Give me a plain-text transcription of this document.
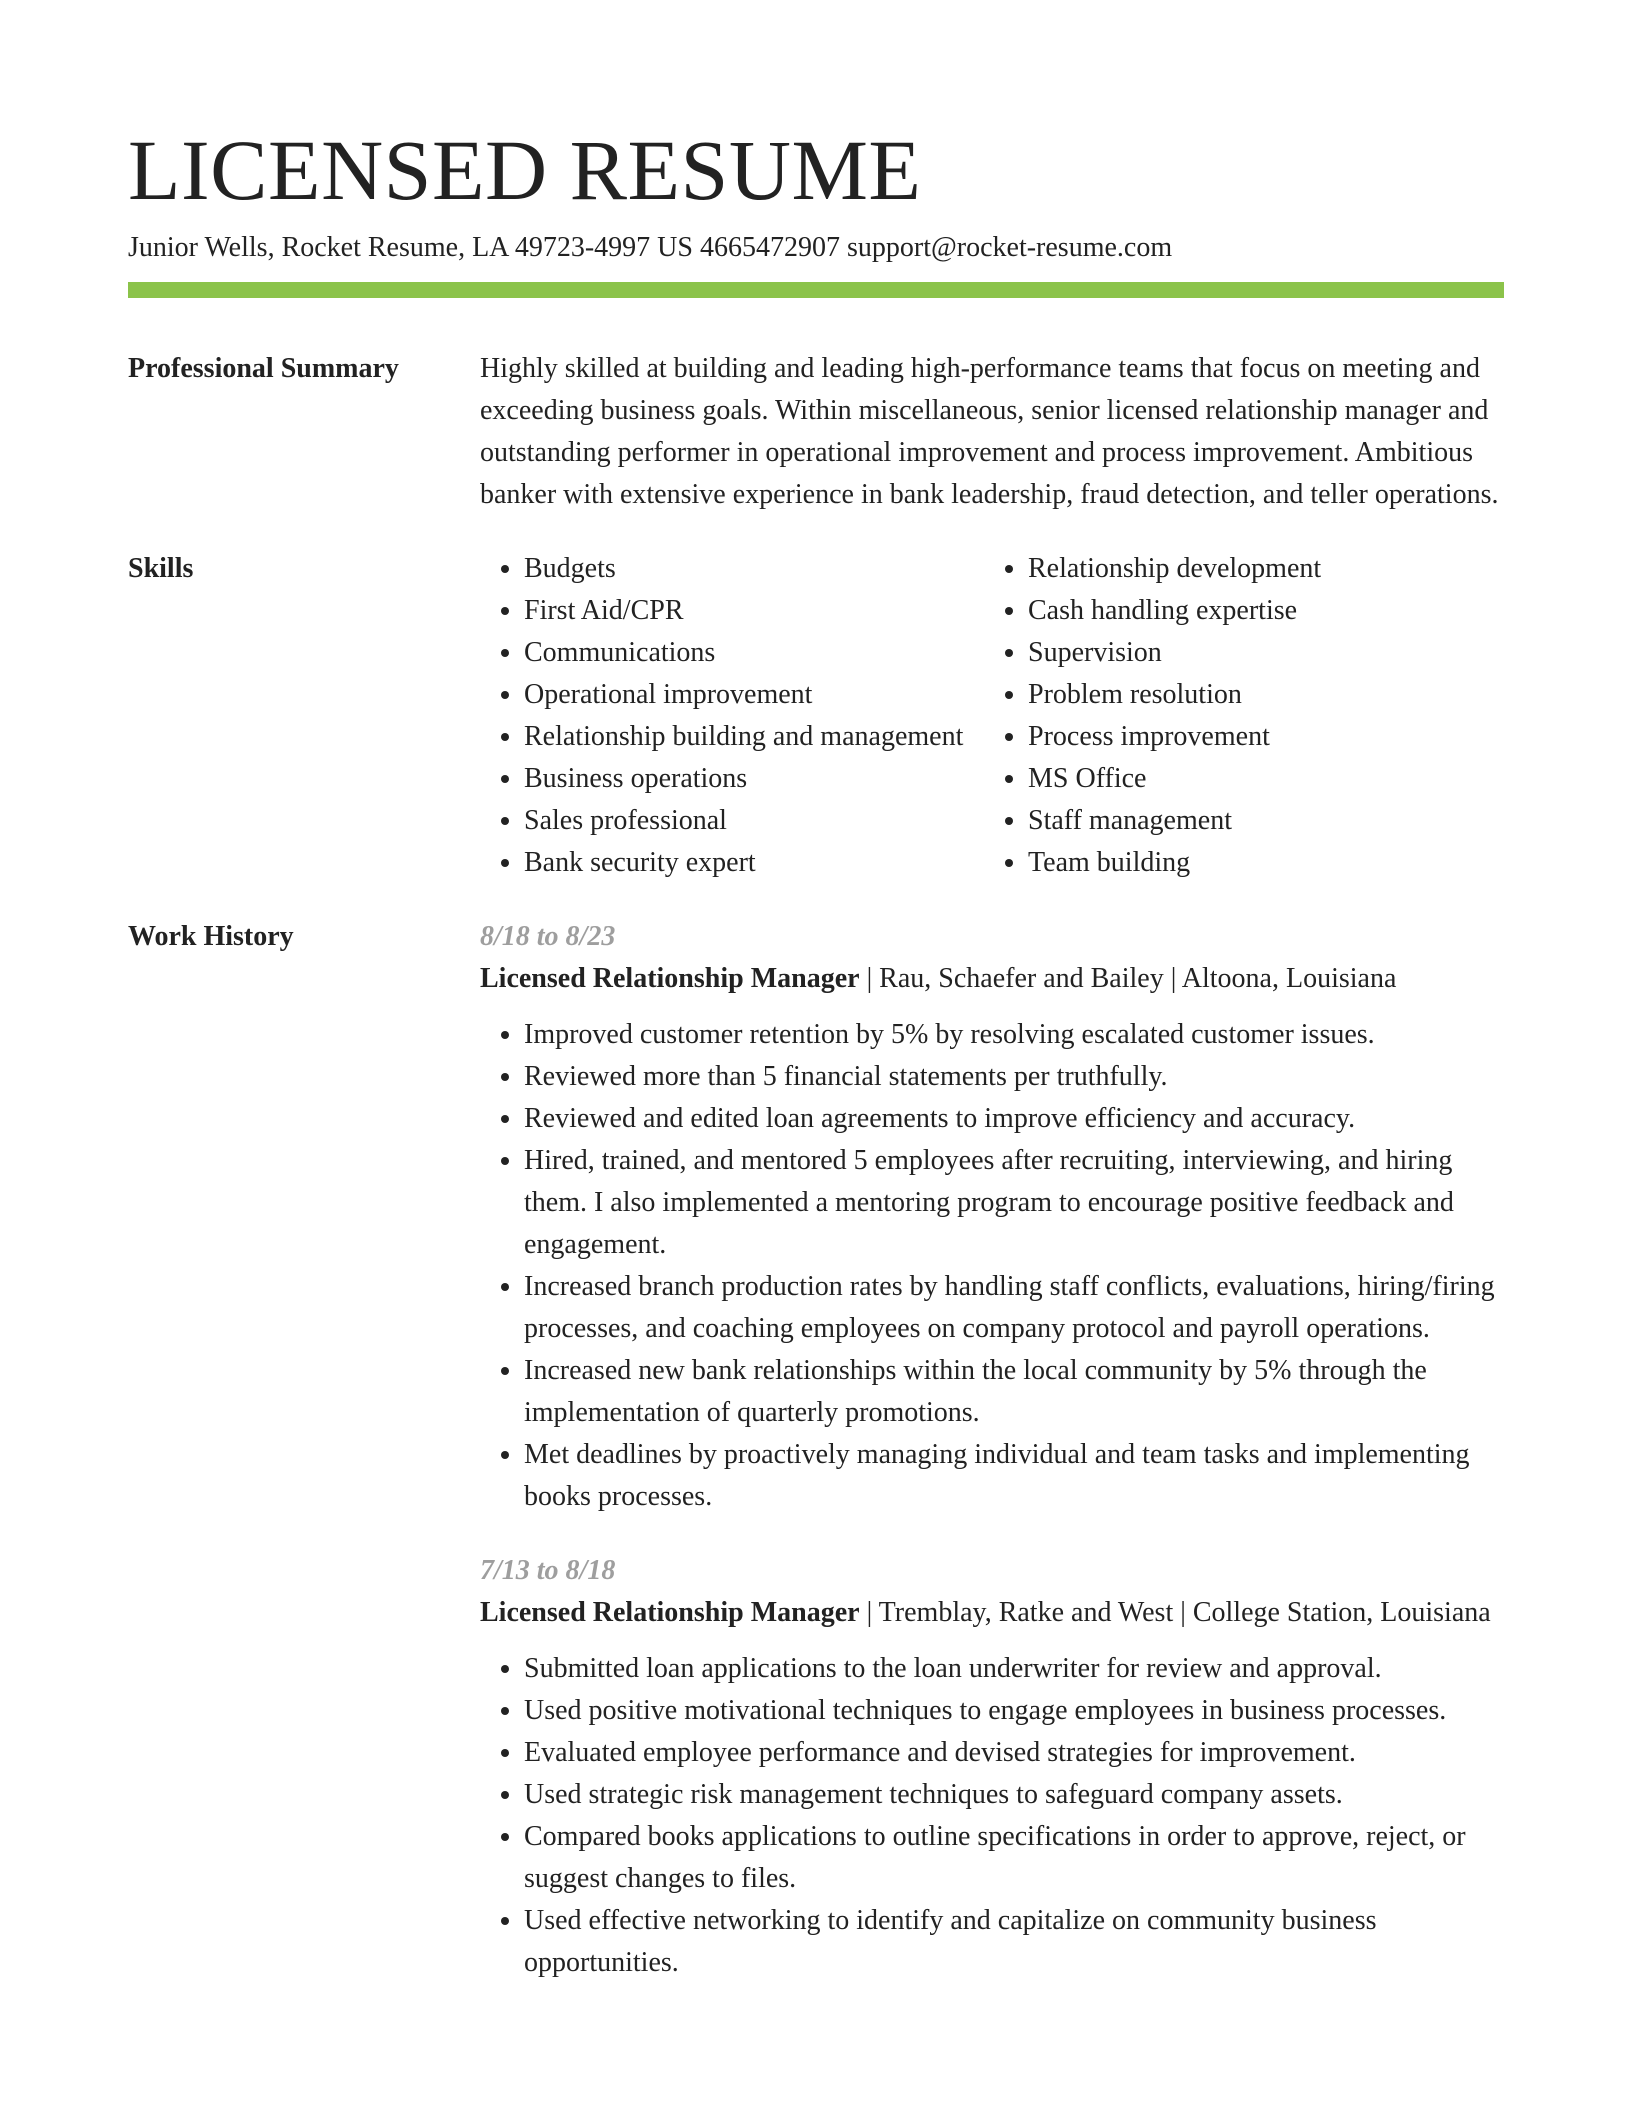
LICENSED RESUME
Junior Wells, Rocket Resume, LA 49723-4997 US 4665472907 support@rocket-resume.com
Professional Summary	Highly skilled at building and leading high-performance teams that focus on meeting and exceeding business goals. Within miscellaneous, senior licensed relationship manager and outstanding performer in operational improvement and process improvement. Ambitious banker with extensive experience in bank leadership, fraud detection, and teller operations.

Skills
•	Budgets
• First Aid/CPR
• Communications
• Operational improvement
• Relationship building and management
• Business operations
• Sales professional
• Bank security expert
• Relationship development
• Cash handling expertise
• Supervision
• Problem resolution
• Process improvement
• MS Office
• Staff management
• Team building
Work History	8/18 to 8/23
Licensed Relationship Manager | Rau, Schaefer and Bailey | Altoona, Louisiana
• Improved customer retention by 5% by resolving escalated customer issues.
• Reviewed more than 5 financial statements per truthfully.
• Reviewed and edited loan agreements to improve efficiency and accuracy.
• Hired, trained, and mentored 5 employees after recruiting, interviewing, and hiring them. I also implemented a mentoring program to encourage positive feedback and engagement.
• Increased branch production rates by handling staff conflicts, evaluations, hiring/firing processes, and coaching employees on company protocol and payroll operations.
• Increased new bank relationships within the local community by 5% through the implementation of quarterly promotions.
• Met deadlines by proactively managing individual and team tasks and implementing books processes.
7/13 to 8/18
Licensed Relationship Manager | Tremblay, Ratke and West | College Station, Louisiana
• Submitted loan applications to the loan underwriter for review and approval.
• Used positive motivational techniques to engage employees in business processes.
• Evaluated employee performance and devised strategies for improvement.
• Used strategic risk management techniques to safeguard company assets.
• Compared books applications to outline specifications in order to approve, reject, or suggest changes to files.
• Used effective networking to identify and capitalize on community business opportunities.
